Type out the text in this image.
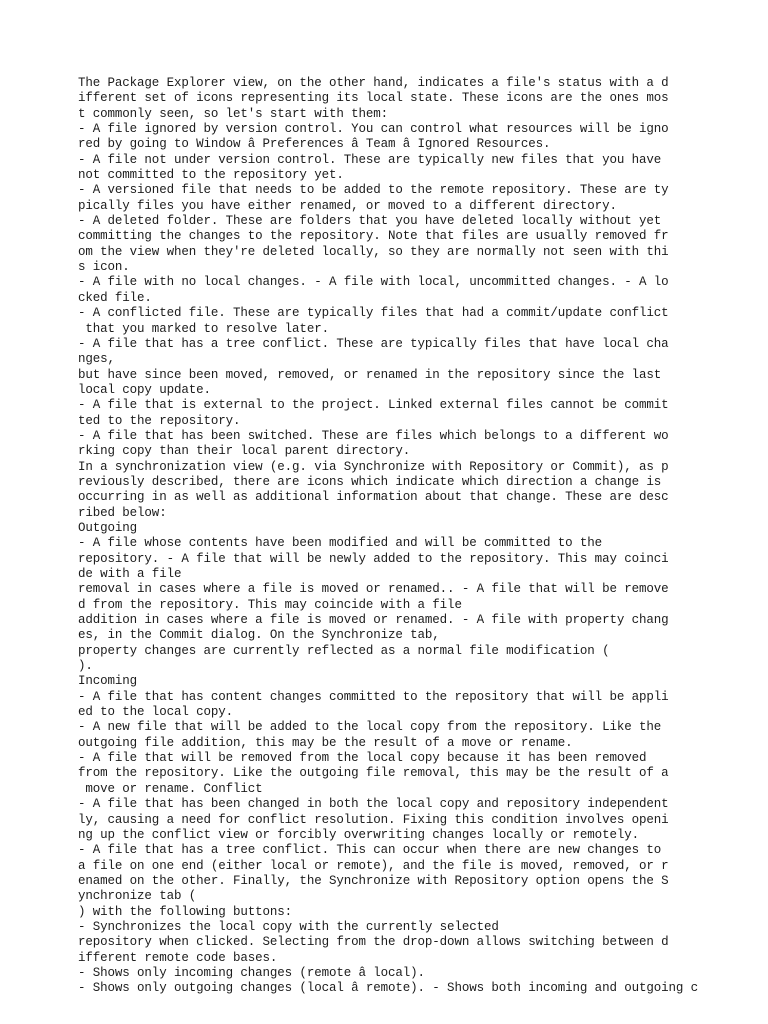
The Package Explorer view, on the other hand, indicates a file's status with a d
ifferent set of icons representing its local state. These icons are the ones mos
t commonly seen, so let's start with them:
- A file ignored by version control. You can control what resources will be igno
red by going to Window â Preferences â Team â Ignored Resources.
- A file not under version control. These are typically new files that you have
not committed to the repository yet.
- A versioned file that needs to be added to the remote repository. These are ty
pically files you have either renamed, or moved to a different directory.
- A deleted folder. These are folders that you have deleted locally without yet
committing the changes to the repository. Note that files are usually removed fr
om the view when they're deleted locally, so they are normally not seen with thi
s icon.
- A file with no local changes. - A file with local, uncommitted changes. - A lo
cked file.
- A conflicted file. These are typically files that had a commit/update conflict
that you marked to resolve later.
- A file that has a tree conflict. These are typically files that have local cha
nges,
but have since been moved, removed, or renamed in the repository since the last
local copy update.
- A file that is external to the project. Linked external files cannot be commit
ted to the repository.
- A file that has been switched. These are files which belongs to a different wo
rking copy than their local parent directory.
In a synchronization view (e.g. via Synchronize with Repository or Commit), as p
reviously described, there are icons which indicate which direction a change is
occurring in as well as additional information about that change. These are desc
ribed below:
Outgoing
- A file whose contents have been modified and will be committed to the
repository. - A file that will be newly added to the repository. This may coinci
de with a file
removal in cases where a file is moved or renamed.. - A file that will be remove
d from the repository. This may coincide with a file
addition in cases where a file is moved or renamed. - A file with property chang
es, in the Commit dialog. On the Synchronize tab,
property changes are currently reflected as a normal file modification (
).
Incoming
- A file that has content changes committed to the repository that will be appli
ed to the local copy.
- A new file that will be added to the local copy from the repository. Like the
outgoing file addition, this may be the result of a move or rename.
- A file that will be removed from the local copy because it has been removed
from the repository. Like the outgoing file removal, this may be the result of a
move or rename. Conflict
- A file that has been changed in both the local copy and repository independent
ly, causing a need for conflict resolution. Fixing this condition involves openi
ng up the conflict view or forcibly overwriting changes locally or remotely.
- A file that has a tree conflict. This can occur when there are new changes to
a file on one end (either local or remote), and the file is moved, removed, or r
enamed on the other. Finally, the Synchronize with Repository option opens the S
ynchronize tab (
) with the following buttons:
- Synchronizes the local copy with the currently selected
repository when clicked. Selecting from the drop-down allows switching between d
ifferent remote code bases.
- Shows only incoming changes (remote â local).
- Shows only outgoing changes (local â remote). - Shows both incoming and outgoing c
